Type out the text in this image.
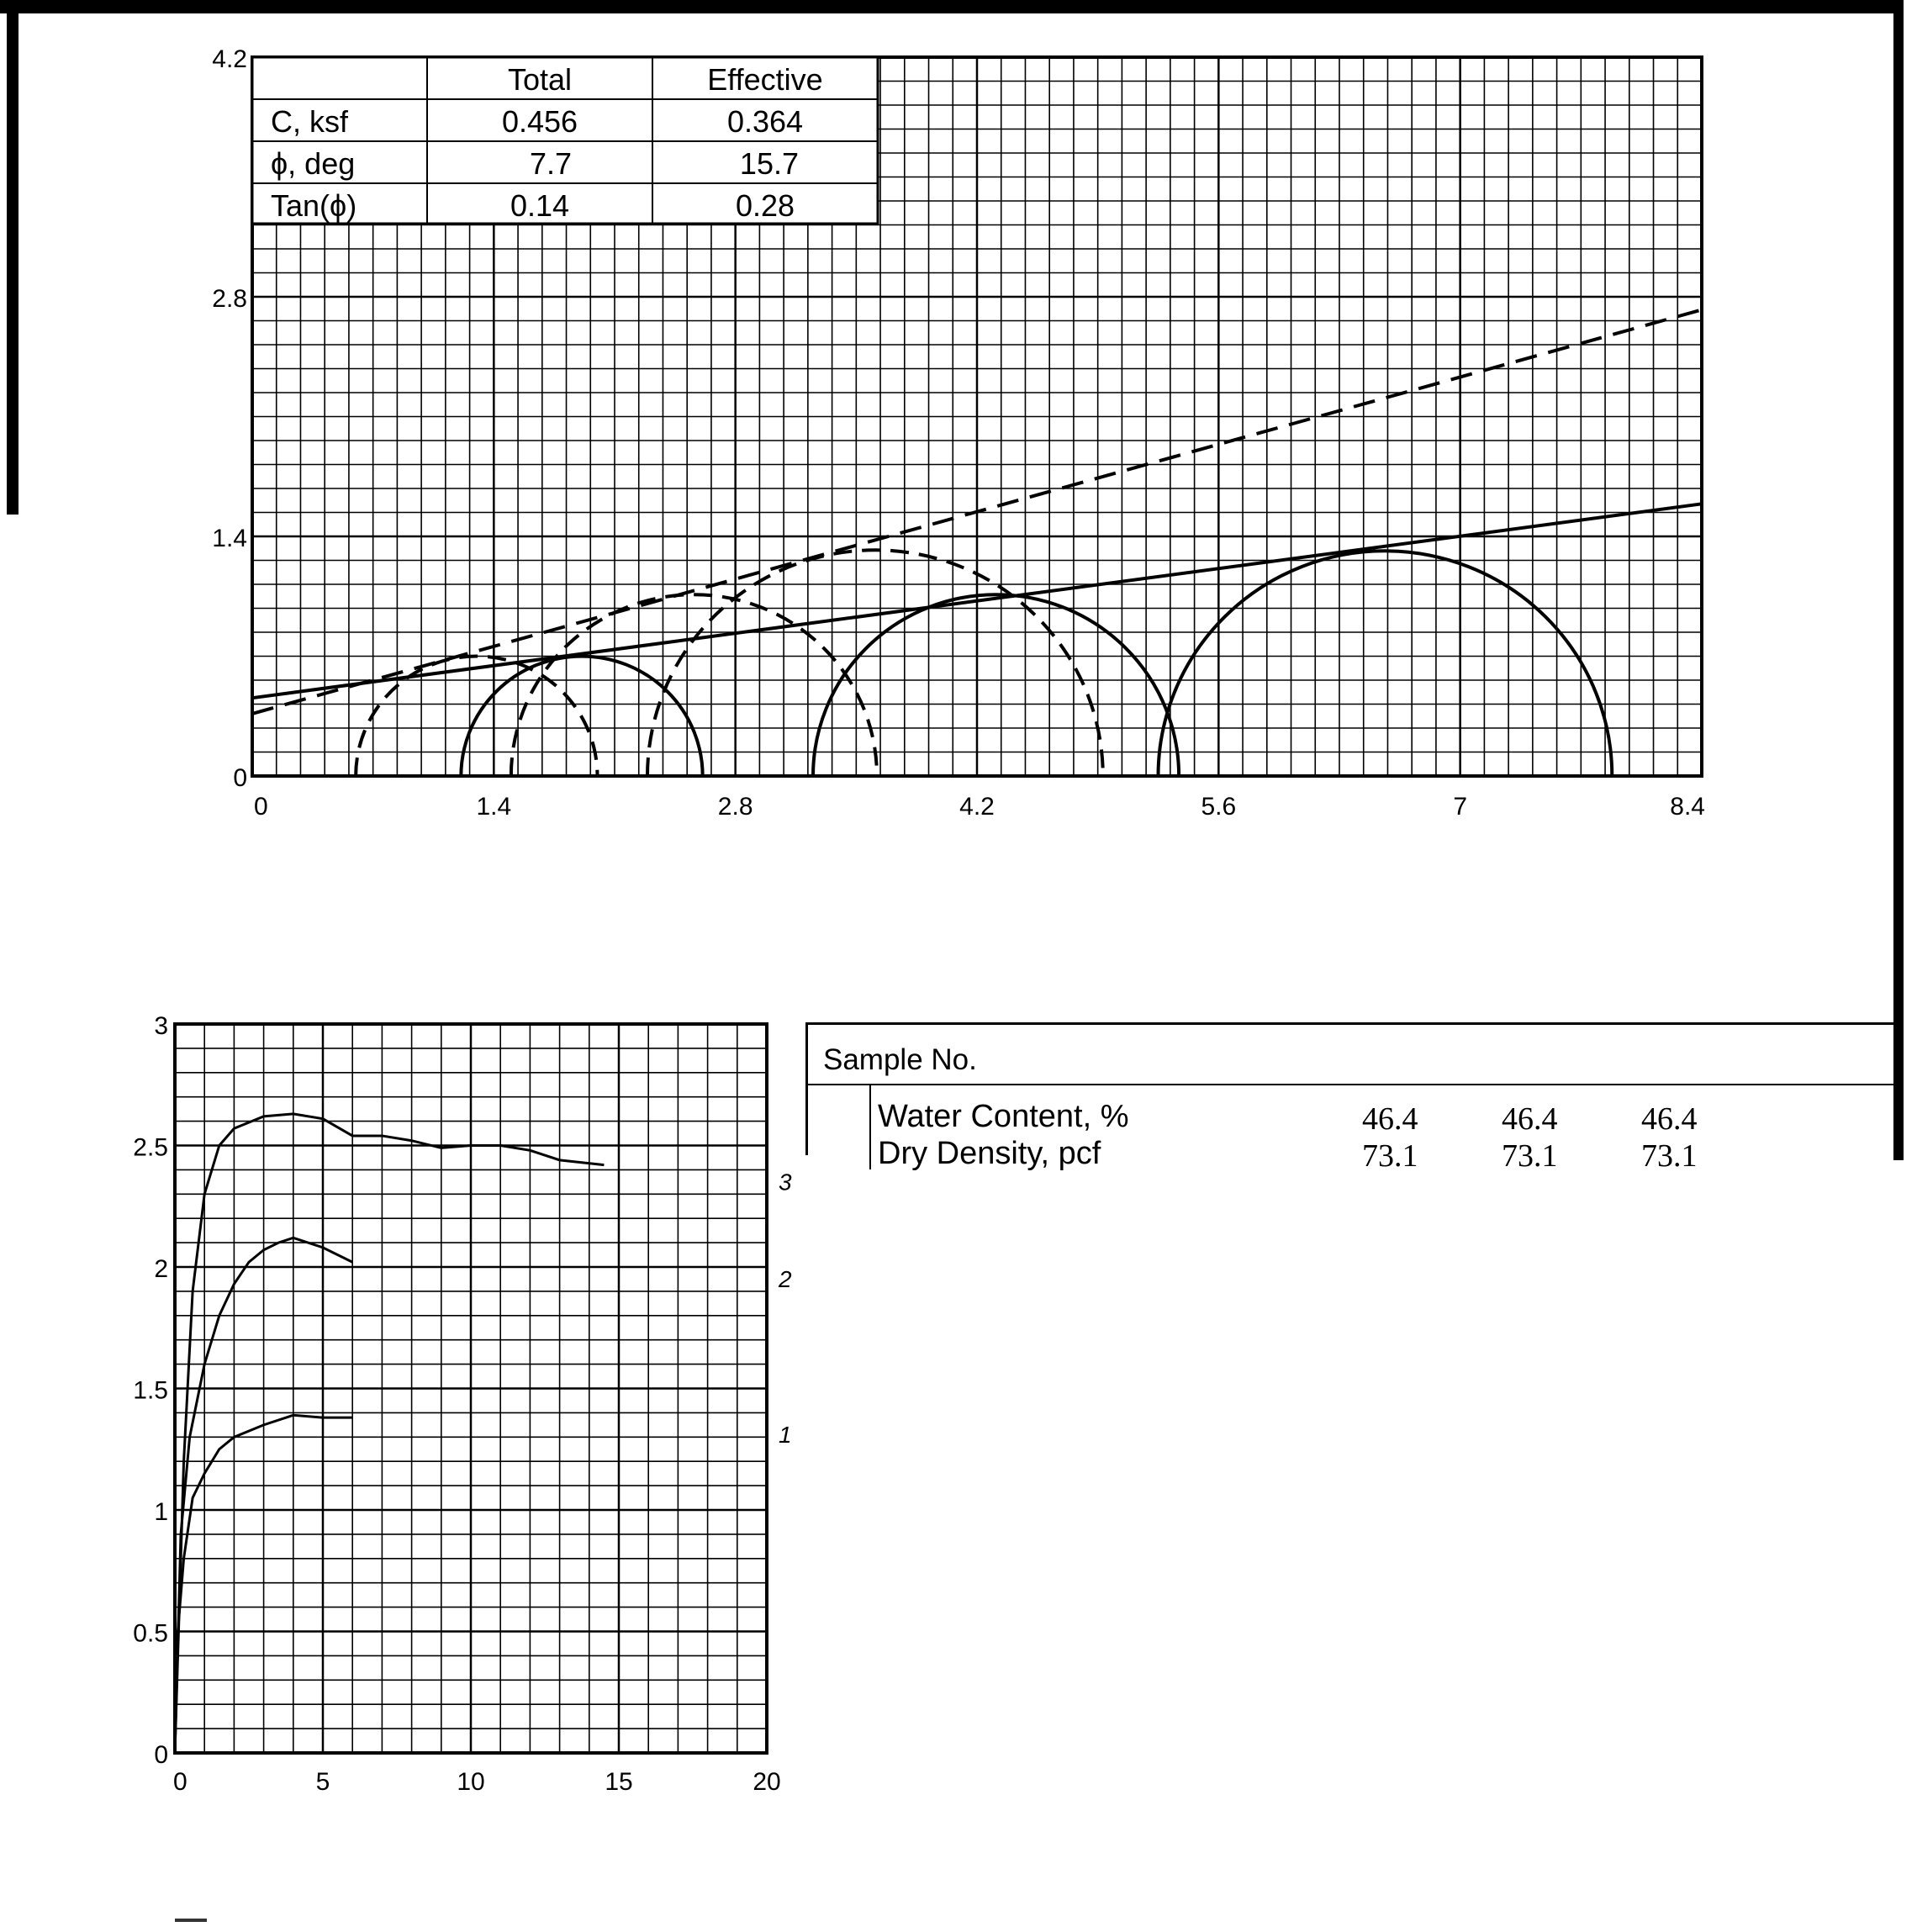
Total	Effective
C, ksf	0.456	0.364
ϕ, deg	7.7	15.7
Tan(ϕ)	0.14	0.28
0	1.4	2.8	4.2	5.6	7	8.4
0
1.4
2.8
4.2
0	5	10	15	20
0
0.5
1
1.5
2
2.5
3
1
2
3
Sample No.
Water Content, %	46.4	46.4	46.4
Dry Density, pcf	73.1	73.1	73.1
